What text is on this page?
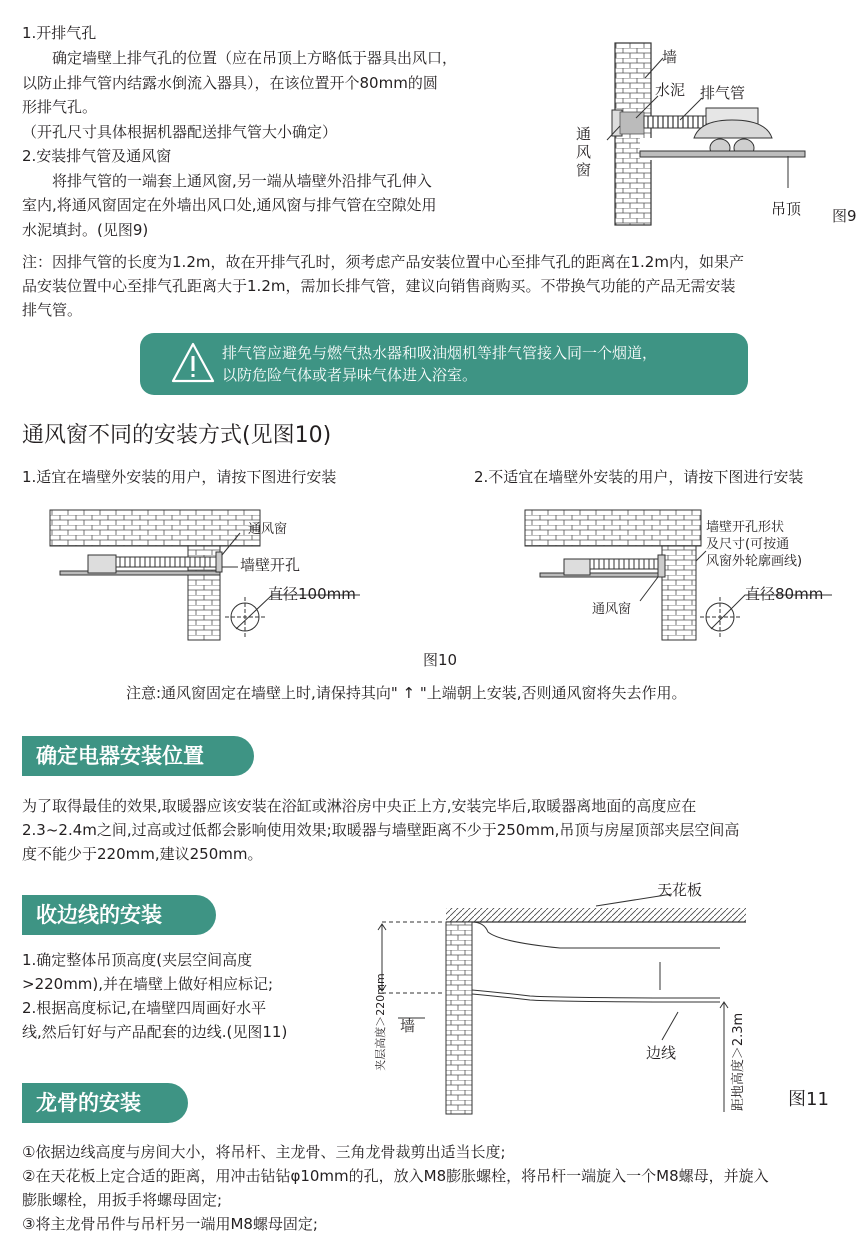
1.开排气孔
确定墙壁上排气孔的位置（应在吊顶上方略低于器具出风口，
以防止排气管内结露水倒流入器具），在该位置开个80mm的圆
形排气孔。
（开孔尺寸具体根据机器配送排气管大小确定）
2.安装排气管及通风窗
将排气管的一端套上通风窗,另一端从墙壁外沿排气孔伸入
室内,将通风窗固定在外墙出风口处,通风窗与排气管在空隙处用
水泥填封。(见图9)
墙
水泥 排气管
通
风
窗
吊顶 图9
注：因排气管的长度为1.2m，故在开排气孔时，须考虑产品安装位置中心至排气孔的距离在1.2m内，如果产
品安装位置中心至排气孔距离大于1.2m，需加长排气管，建议向销售商购买。不带换气功能的产品无需安装
排气管。
排气管应避免与燃气热水器和吸油烟机等排气管接入同一个烟道，
以防危险气体或者异味气体进入浴室。
通风窗不同的安装方式(见图10)
1.适宜在墙壁外安装的用户，请按下图进行安装	2.不适宜在墙壁外安装的用户，请按下图进行安装
通风窗
墙壁开孔
直径100mm
墙壁开孔形状
及尺寸(可按通
风窗外轮廓画线)
通风窗
直径80mm
图10
注意:通风窗固定在墙壁上时,请保持其向" ↑ "上端朝上安装,否则通风窗将失去作用。
确定电器安装位置
为了取得最佳的效果,取暖器应该安装在浴缸或淋浴房中央正上方,安装完毕后,取暖器离地面的高度应在
2.3~2.4m之间,过高或过低都会影响使用效果;取暖器与墙壁距离不少于250mm,吊顶与房屋顶部夹层空间高
度不能少于220mm,建议250mm。
收边线的安装
1.确定整体吊顶高度(夹层空间高度
>220mm),并在墙壁上做好相应标记;
2.根据高度标记,在墙壁四周画好水平
线,然后钉好与产品配套的边线.(见图11)
天花板
墙
边线
夹层高度＞220mm	距地高度＞2.3m 图11
龙骨的安装
①依据边线高度与房间大小，将吊杆、主龙骨、三角龙骨裁剪出适当长度;
②在天花板上定合适的距离，用冲击钻钻φ10mm的孔，放入M8膨胀螺栓，将吊杆一端旋入一个M8螺母，并旋入
膨胀螺栓，用扳手将螺母固定;
③将主龙骨吊件与吊杆另一端用M8螺母固定;
